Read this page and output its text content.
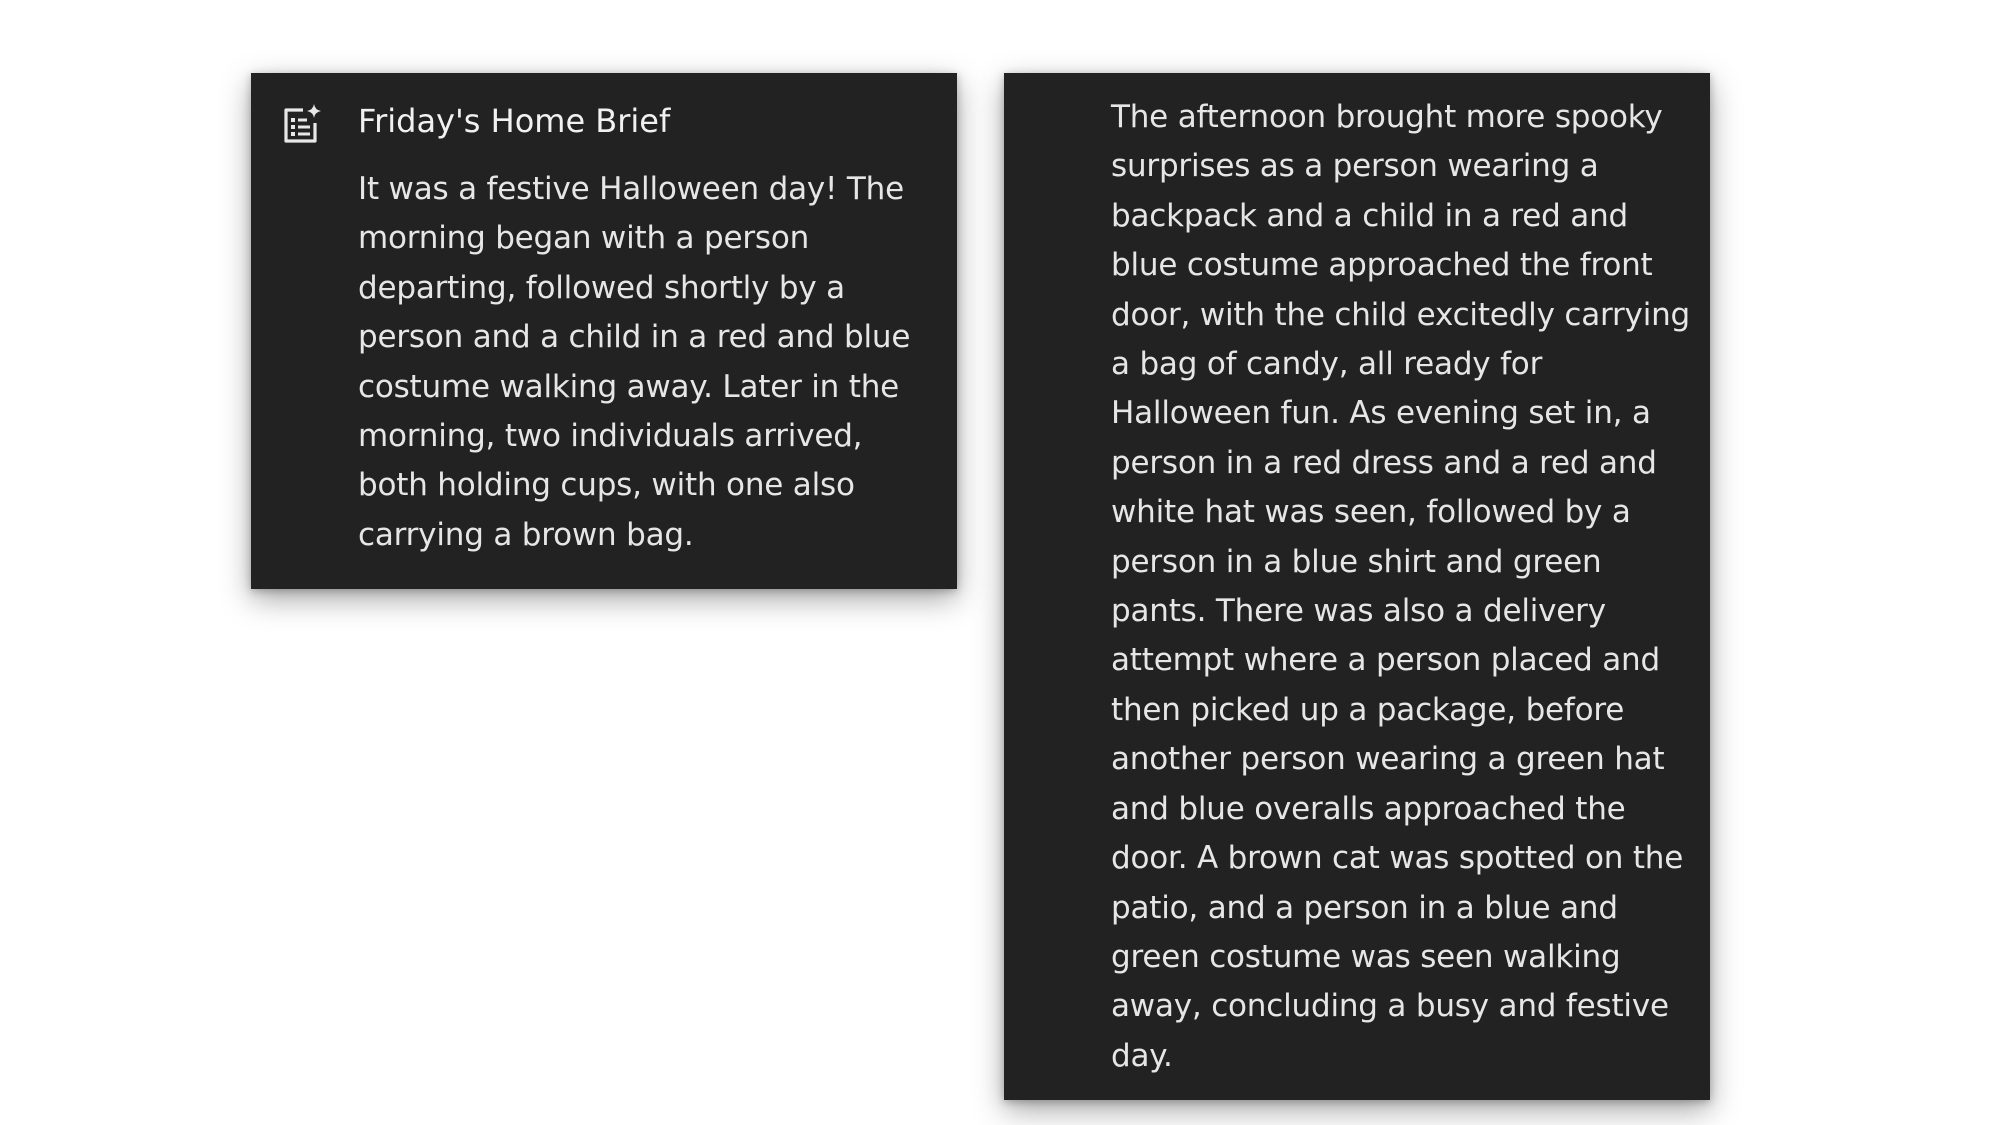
Friday's Home Brief

It was a festive Halloween day! The morning began with a person departing, followed shortly by a person and a child in a red and blue costume walking away. Later in the morning, two individuals arrived, both holding cups, with one also carrying a brown bag.

The afternoon brought more spooky surprises as a person wearing a backpack and a child in a red and blue costume approached the front door, with the child excitedly carrying a bag of candy, all ready for Halloween fun. As evening set in, a person in a red dress and a red and white hat was seen, followed by a person in a blue shirt and green pants. There was also a delivery attempt where a person placed and then picked up a package, before another person wearing a green hat and blue overalls approached the door. A brown cat was spotted on the patio, and a person in a blue and green costume was seen walking away, concluding a busy and festive day.
